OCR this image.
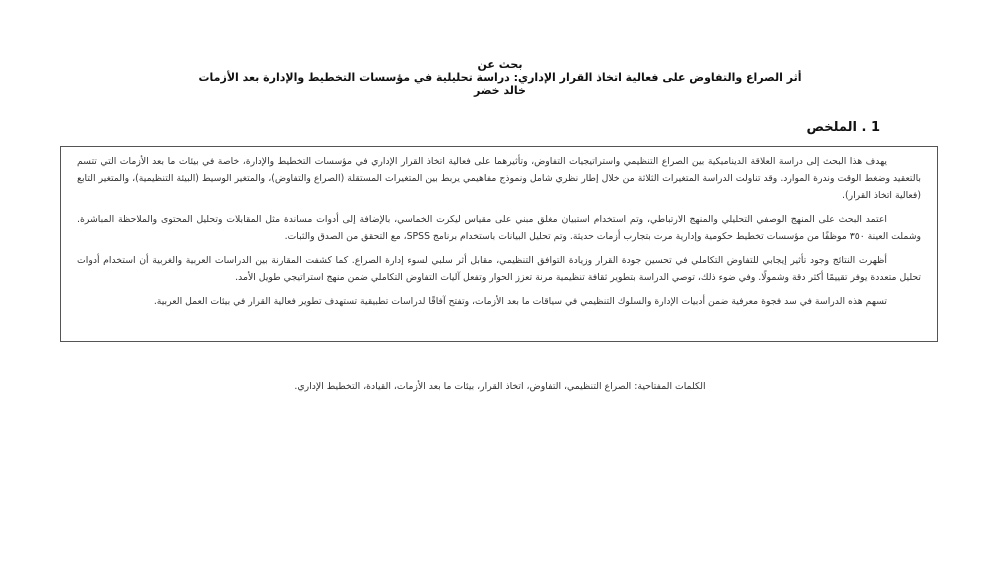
بحث عن
أثر الصراع والتفاوض على فعالية اتخاذ القرار الإداري: دراسة تحليلية في مؤسسات التخطيط والإدارة بعد الأزمات
خالد خضر
1 . الملخص

يهدف هذا البحث إلى دراسة العلاقة الديناميكية بين الصراع التنظيمي واستراتيجيات التفاوض، وتأثيرهما على فعالية اتخاذ القرار الإداري في مؤسسات التخطيط والإدارة، خاصة في بيئات ما بعد الأزمات التي تتسم بالتعقيد وضغط الوقت وندرة الموارد. وقد تناولت الدراسة المتغيرات الثلاثة من خلال إطار نظري شامل ونموذج مفاهيمي يربط بين المتغيرات المستقلة (الصراع والتفاوض)، والمتغير الوسيط (البيئة التنظيمية)، والمتغير التابع (فعالية اتخاذ القرار).

اعتمد البحث على المنهج الوصفي التحليلي والمنهج الارتباطي، وتم استخدام استبيان مغلق مبني على مقياس ليكرت الخماسي، بالإضافة إلى أدوات مساندة مثل المقابلات وتحليل المحتوى والملاحظة المباشرة. وشملت العينة ٣٥٠ موظفًا من مؤسسات تخطيط حكومية وإدارية مرت بتجارب أزمات حديثة. وتم تحليل البيانات باستخدام برنامج SPSS، مع التحقق من الصدق والثبات.

أظهرت النتائج وجود تأثير إيجابي للتفاوض التكاملي في تحسين جودة القرار وزيادة التوافق التنظيمي، مقابل أثر سلبي لسوء إدارة الصراع. كما كشفت المقارنة بين الدراسات العربية والغربية أن استخدام أدوات تحليل متعددة يوفر تقييمًا أكثر دقة وشمولًا. وفي ضوء ذلك، توصي الدراسة بتطوير ثقافة تنظيمية مرنة تعزز الحوار وتفعل آليات التفاوض التكاملي ضمن منهج استراتيجي طويل الأمد.

تسهم هذه الدراسة في سد فجوة معرفية ضمن أدبيات الإدارة والسلوك التنظيمي في سياقات ما بعد الأزمات، وتفتح آفاقًا لدراسات تطبيقية تستهدف تطوير فعالية القرار في بيئات العمل العربية.

الكلمات المفتاحية: الصراع التنظيمي، التفاوض، اتخاذ القرار، بيئات ما بعد الأزمات، القيادة، التخطيط الإداري.
